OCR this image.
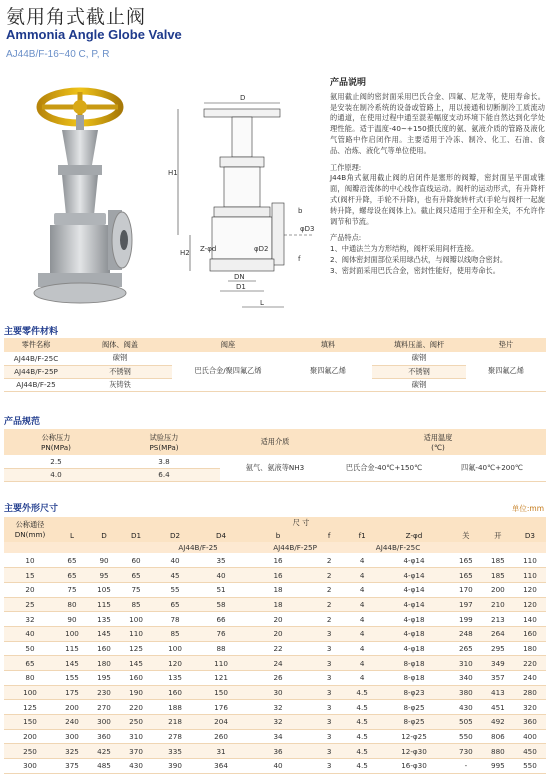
氨用角式截止阀
Ammonia Angle Globe Valve
AJ44B/F-16~40 C, P, R
D
H1
H2
DN
D1
L
Z-φd	φD2
b
f
φD3
产品说明
氨用截止阀的密封面采用巴氏合金、四氟、尼龙等，使用寿命长。是安装在制冷系统的设备或管路上，用以接通和切断制冷工质流动的通道，在使用过程中通至混差幅度支动环境下能自然达到化学处理性能。适于温度-40~+150摄氏度的氨、氨液介质的管路及液化气管路中作启闭作用。主要适用于冷冻、制冷、化工、石油、食品、冶炼、液化气等单位使用。
工作原理:
J44B角式氨用截止阀的启闭件是塞形的阀瓣，密封面呈平面或锥面，阀瓣沿流体的中心线作直线运动。阀杆的运动形式，有升降杆式(阀杆升降，手轮不升降)，也有升降旋转杆式(手轮与阀杆一起旋转升降，螺母设在阀体上)。截止阀只适用于全开和全关，不允许作调节和节流。
产品特点:
1、中通法兰为方形结构，阀杆采用间杆连接。
2、阀体密封面部位采用球凸状，与阀瓣以线吻合密封。
3、密封面采用巴氏合金，密封性能好，使用寿命长。
主要零件材料
零件名称	阀体、阀盖	阀座	填料	填料压盖、阀杆	垫片
AJ44B/F-25C	碳钢	巴氏合金/聚四氟乙烯	聚四氟乙烯	碳钢	聚四氟乙烯
AJ44B/F-25P	不锈钢			不锈钢	
AJ44B/F-25	灰铸铁			碳钢	
产品规范
公称压力
PN(MPa)	试验压力
PS(MPa)	适用介质	适用温度
(℃)	
2.5	3.8	氨气、氨液等NH3	巴氏合金-40℃+150℃	四氟-40℃+200℃
4.0	6.4			
主要外形尺寸	单位:mm
公称通径
DN(mm)	尺 寸											
	L	D	D1	D2	D4	b	f	f1	Z-φd	关	开	D3
				AJ44B/F-25		AJ44B/F-25P		AJ44B/F-25C				
10	65	90	60	40	35	16	2	4	4-φ14	165	185	110
15	65	95	65	45	40	16	2	4	4-φ14	165	185	110
20	75	105	75	55	51	18	2	4	4-φ14	170	200	120
25	80	115	85	65	58	18	2	4	4-φ14	197	210	120
32	90	135	100	78	66	20	2	4	4-φ18	199	213	140
40	100	145	110	85	76	20	3	4	4-φ18	248	264	160
50	115	160	125	100	88	22	3	4	4-φ18	265	295	180
65	145	180	145	120	110	24	3	4	8-φ18	310	349	220
80	155	195	160	135	121	26	3	4	8-φ18	340	357	240
100	175	230	190	160	150	30	3	4.5	8-φ23	380	413	280
125	200	270	220	188	176	32	3	4.5	8-φ25	430	451	320
150	240	300	250	218	204	32	3	4.5	8-φ25	505	492	360
200	300	360	310	278	260	34	3	4.5	12-φ25	550	806	400
250	325	425	370	335	31	36	3	4.5	12-φ30	730	880	450
300	375	485	430	390	364	40	3	4.5	16-φ30	-	995	550
